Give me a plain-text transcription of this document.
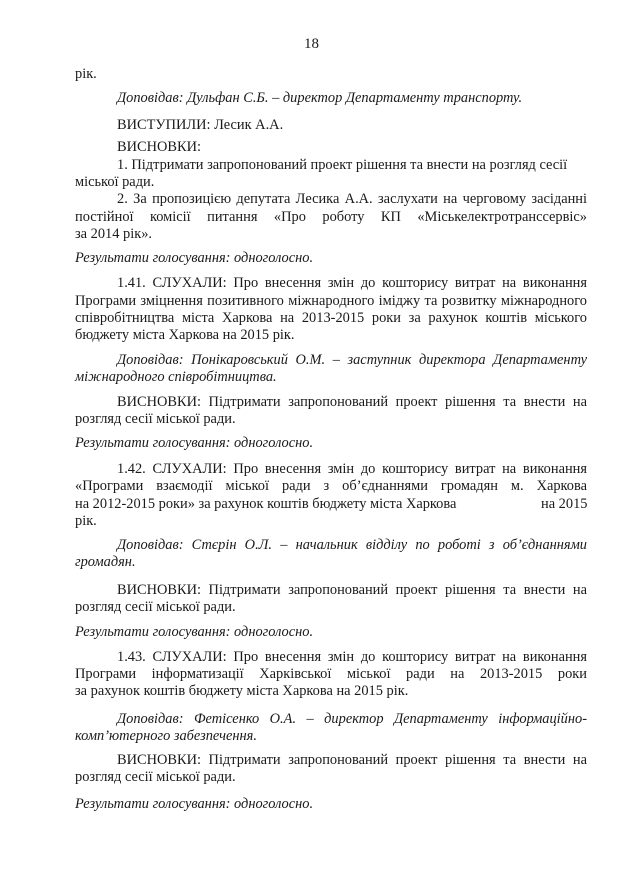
18
рік.
Доповідав: Дульфан С.Б. – директор Департаменту транспорту.
ВИСТУПИЛИ: Лесик А.А.
ВИСНОВКИ:
1. Підтримати запропонований проект рішення та внести на розгляд сесії
міської ради.
2. За пропозицією депутата Лесика А.А. заслухати на черговому засіданні
постійної комісії питання «Про роботу КП «Міськелектротранссервіс»
за 2014 рік».
Результати голосування: одноголосно.
1.41. СЛУХАЛИ: Про внесення змін до кошторису витрат на виконання
Програми зміцнення позитивного міжнародного іміджу та розвитку міжнародного
співробітництва міста Харкова на 2013-2015 роки за рахунок коштів міського
бюджету міста Харкова на 2015 рік.
Доповідав: Понікаровський О.М. – заступник директора Департаменту
міжнародного співробітництва.
ВИСНОВКИ: Підтримати запропонований проект рішення та внести на
розгляд сесії міської ради.
Результати голосування: одноголосно.
1.42. СЛУХАЛИ: Про внесення змін до кошторису витрат на виконання
«Програми взаємодії міської ради з об’єднаннями громадян м. Харкова
на 2012-2015 роки» за рахунок коштів бюджету міста Харкова	на 2015
рік.
Доповідав: Стєрін О.Л. – начальник відділу по роботі з об’єднаннями
громадян.
ВИСНОВКИ: Підтримати запропонований проект рішення та внести на
розгляд сесії міської ради.
Результати голосування: одноголосно.
1.43. СЛУХАЛИ: Про внесення змін до кошторису витрат на виконання
Програми інформатизації Харківської міської ради на 2013-2015 роки
за рахунок коштів бюджету міста Харкова на 2015 рік.
Доповідав: Фетісенко О.А. – директор Департаменту інформаційно-
комп’ютерного забезпечення.
ВИСНОВКИ: Підтримати запропонований проект рішення та внести на
розгляд сесії міської ради.
Результати голосування: одноголосно.
